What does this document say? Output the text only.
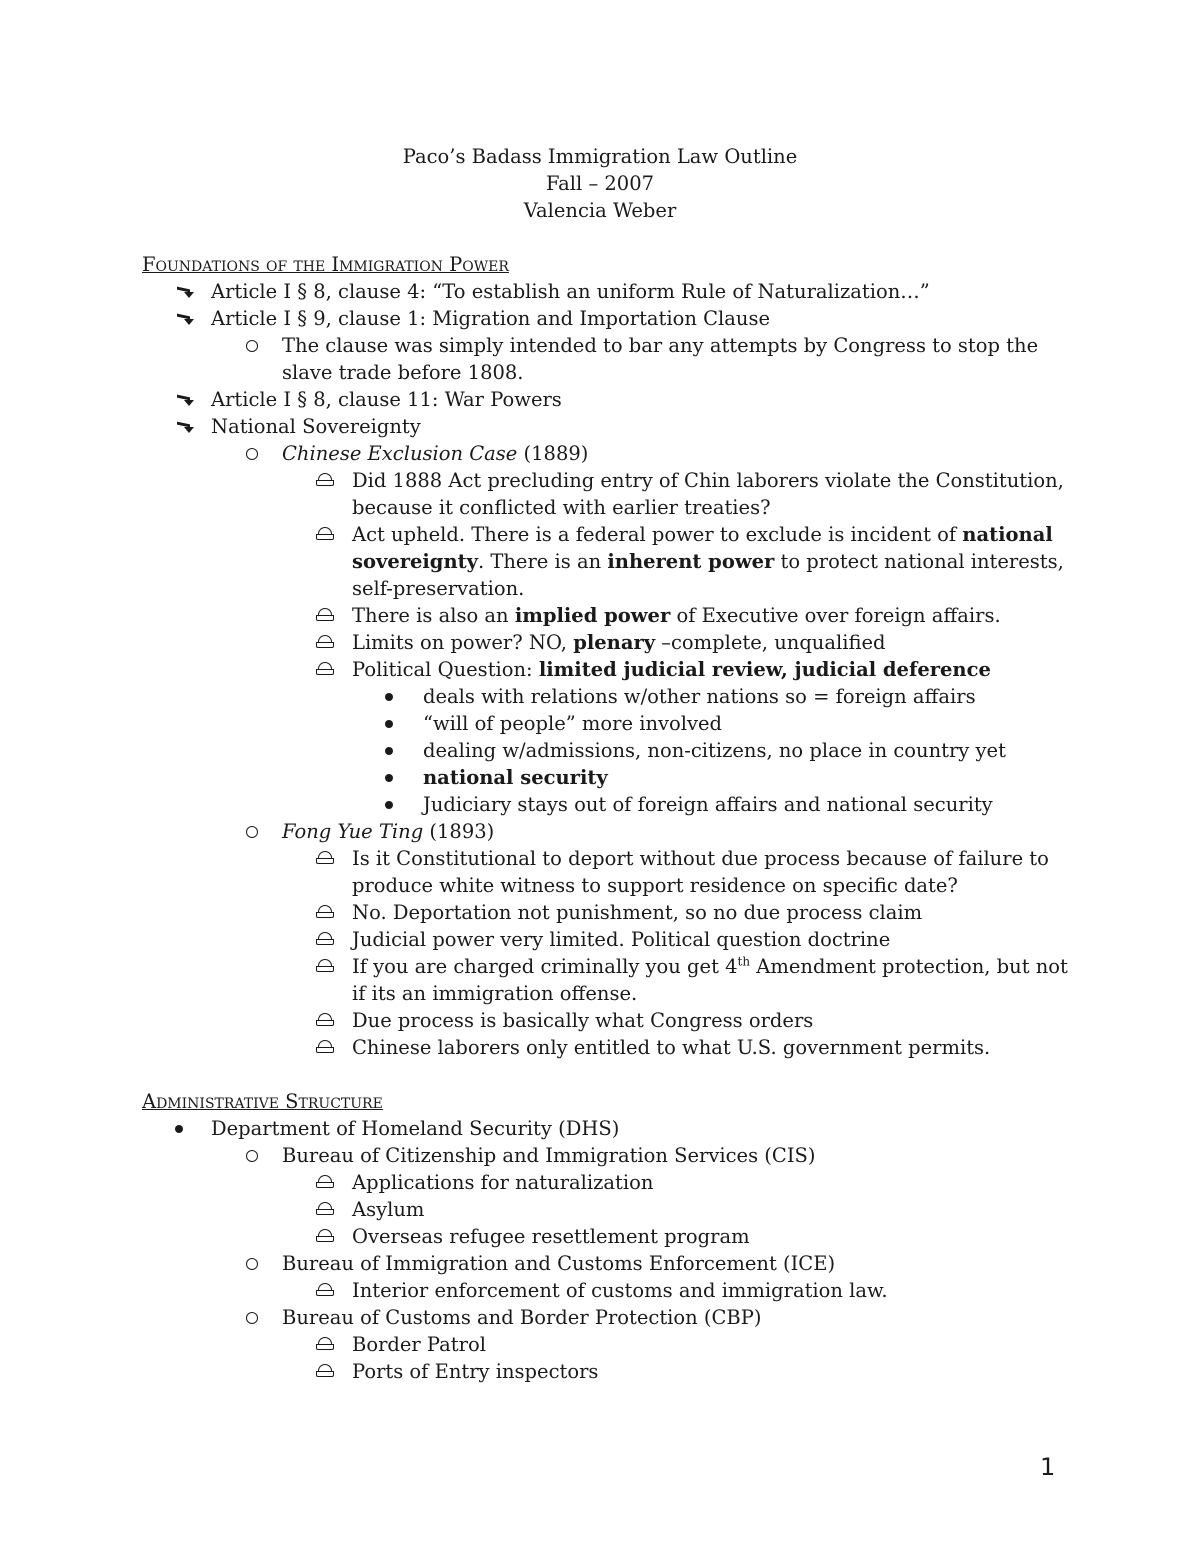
Paco’s Badass Immigration Law Outline
Fall – 2007
Valencia Weber
Foundations of the Immigration Power
Article I § 8, clause 4: “To establish an uniform Rule of Naturalization…”
Article I § 9, clause 1: Migration and Importation Clause
The clause was simply intended to bar any attempts by Congress to stop the slave trade before 1808.
Article I § 8, clause 11: War Powers
National Sovereignty
Chinese Exclusion Case (1889)
Did 1888 Act precluding entry of Chin laborers violate the Constitution, because it conflicted with earlier treaties?
Act upheld. There is a federal power to exclude is incident of national sovereignty. There is an inherent power to protect national interests, self-preservation.
There is also an implied power of Executive over foreign affairs.
Limits on power? NO, plenary –complete, unqualified
Political Question: limited judicial review, judicial deference
deals with relations w/other nations so = foreign affairs
“will of people” more involved
dealing w/admissions, non-citizens, no place in country yet
national security
Judiciary stays out of foreign affairs and national security
Fong Yue Ting (1893)
Is it Constitutional to deport without due process because of failure to produce white witness to support residence on specific date?
No. Deportation not punishment, so no due process claim
Judicial power very limited. Political question doctrine
If you are charged criminally you get 4th Amendment protection, but not if its an immigration offense.
Due process is basically what Congress orders
Chinese laborers only entitled to what U.S. government permits.
Administrative Structure
Department of Homeland Security (DHS)
Bureau of Citizenship and Immigration Services (CIS)
Applications for naturalization
Asylum
Overseas refugee resettlement program
Bureau of Immigration and Customs Enforcement (ICE)
Interior enforcement of customs and immigration law.
Bureau of Customs and Border Protection (CBP)
Border Patrol
Ports of Entry inspectors
1
